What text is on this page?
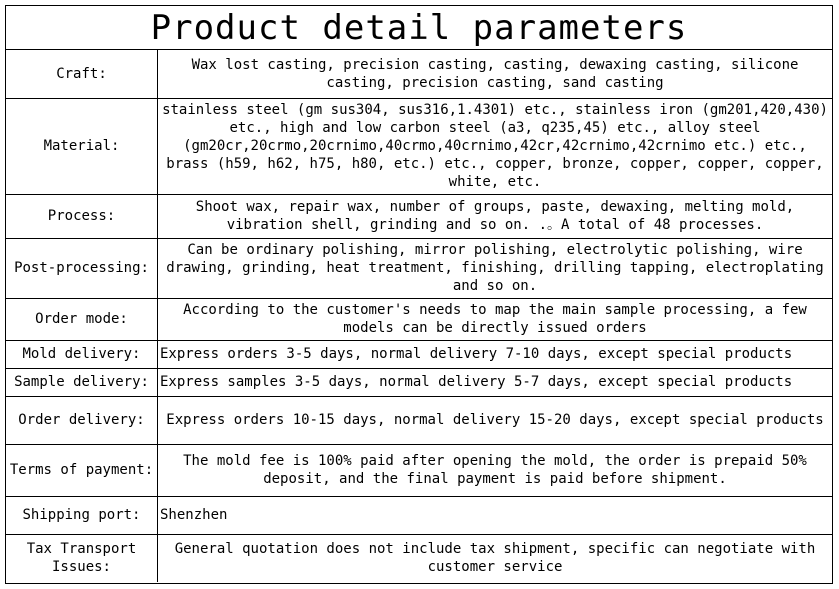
Product detail parameters
Craft:	Wax lost casting, precision casting, casting, dewaxing casting, silicone casting, precision casting, sand casting
Material:	stainless steel (gm sus304, sus316,1.4301) etc., stainless iron (gm201,420,430) etc., high and low carbon steel (a3, q235,45) etc., alloy steel (gm20cr,20crmo,20crnimo,40crmo,40crnimo,42cr,42crnimo,42crnimo etc.) etc., brass (h59, h62, h75, h80, etc.) etc., copper, bronze, copper, copper, copper, white, etc.
Process:	Shoot wax, repair wax, number of groups, paste, dewaxing, melting mold, vibration shell, grinding and so on. .。A total of 48 processes.
Post-processing:	Can be ordinary polishing, mirror polishing, electrolytic polishing, wire drawing, grinding, heat treatment, finishing, drilling tapping, electroplating and so on.
Order mode:	According to the customer's needs to map the main sample processing, a few models can be directly issued orders
Mold delivery:	Express orders 3-5 days, normal delivery 7-10 days, except special products
Sample delivery:	Express samples 3-5 days, normal delivery 5-7 days, except special products
Order delivery:	Express orders 10-15 days, normal delivery 15-20 days, except special products
Terms of payment:	The mold fee is 100% paid after opening the mold, the order is prepaid 50% deposit, and the final payment is paid before shipment.
Shipping port:	Shenzhen
Tax Transport Issues:	General quotation does not include tax shipment, specific can negotiate with customer service
